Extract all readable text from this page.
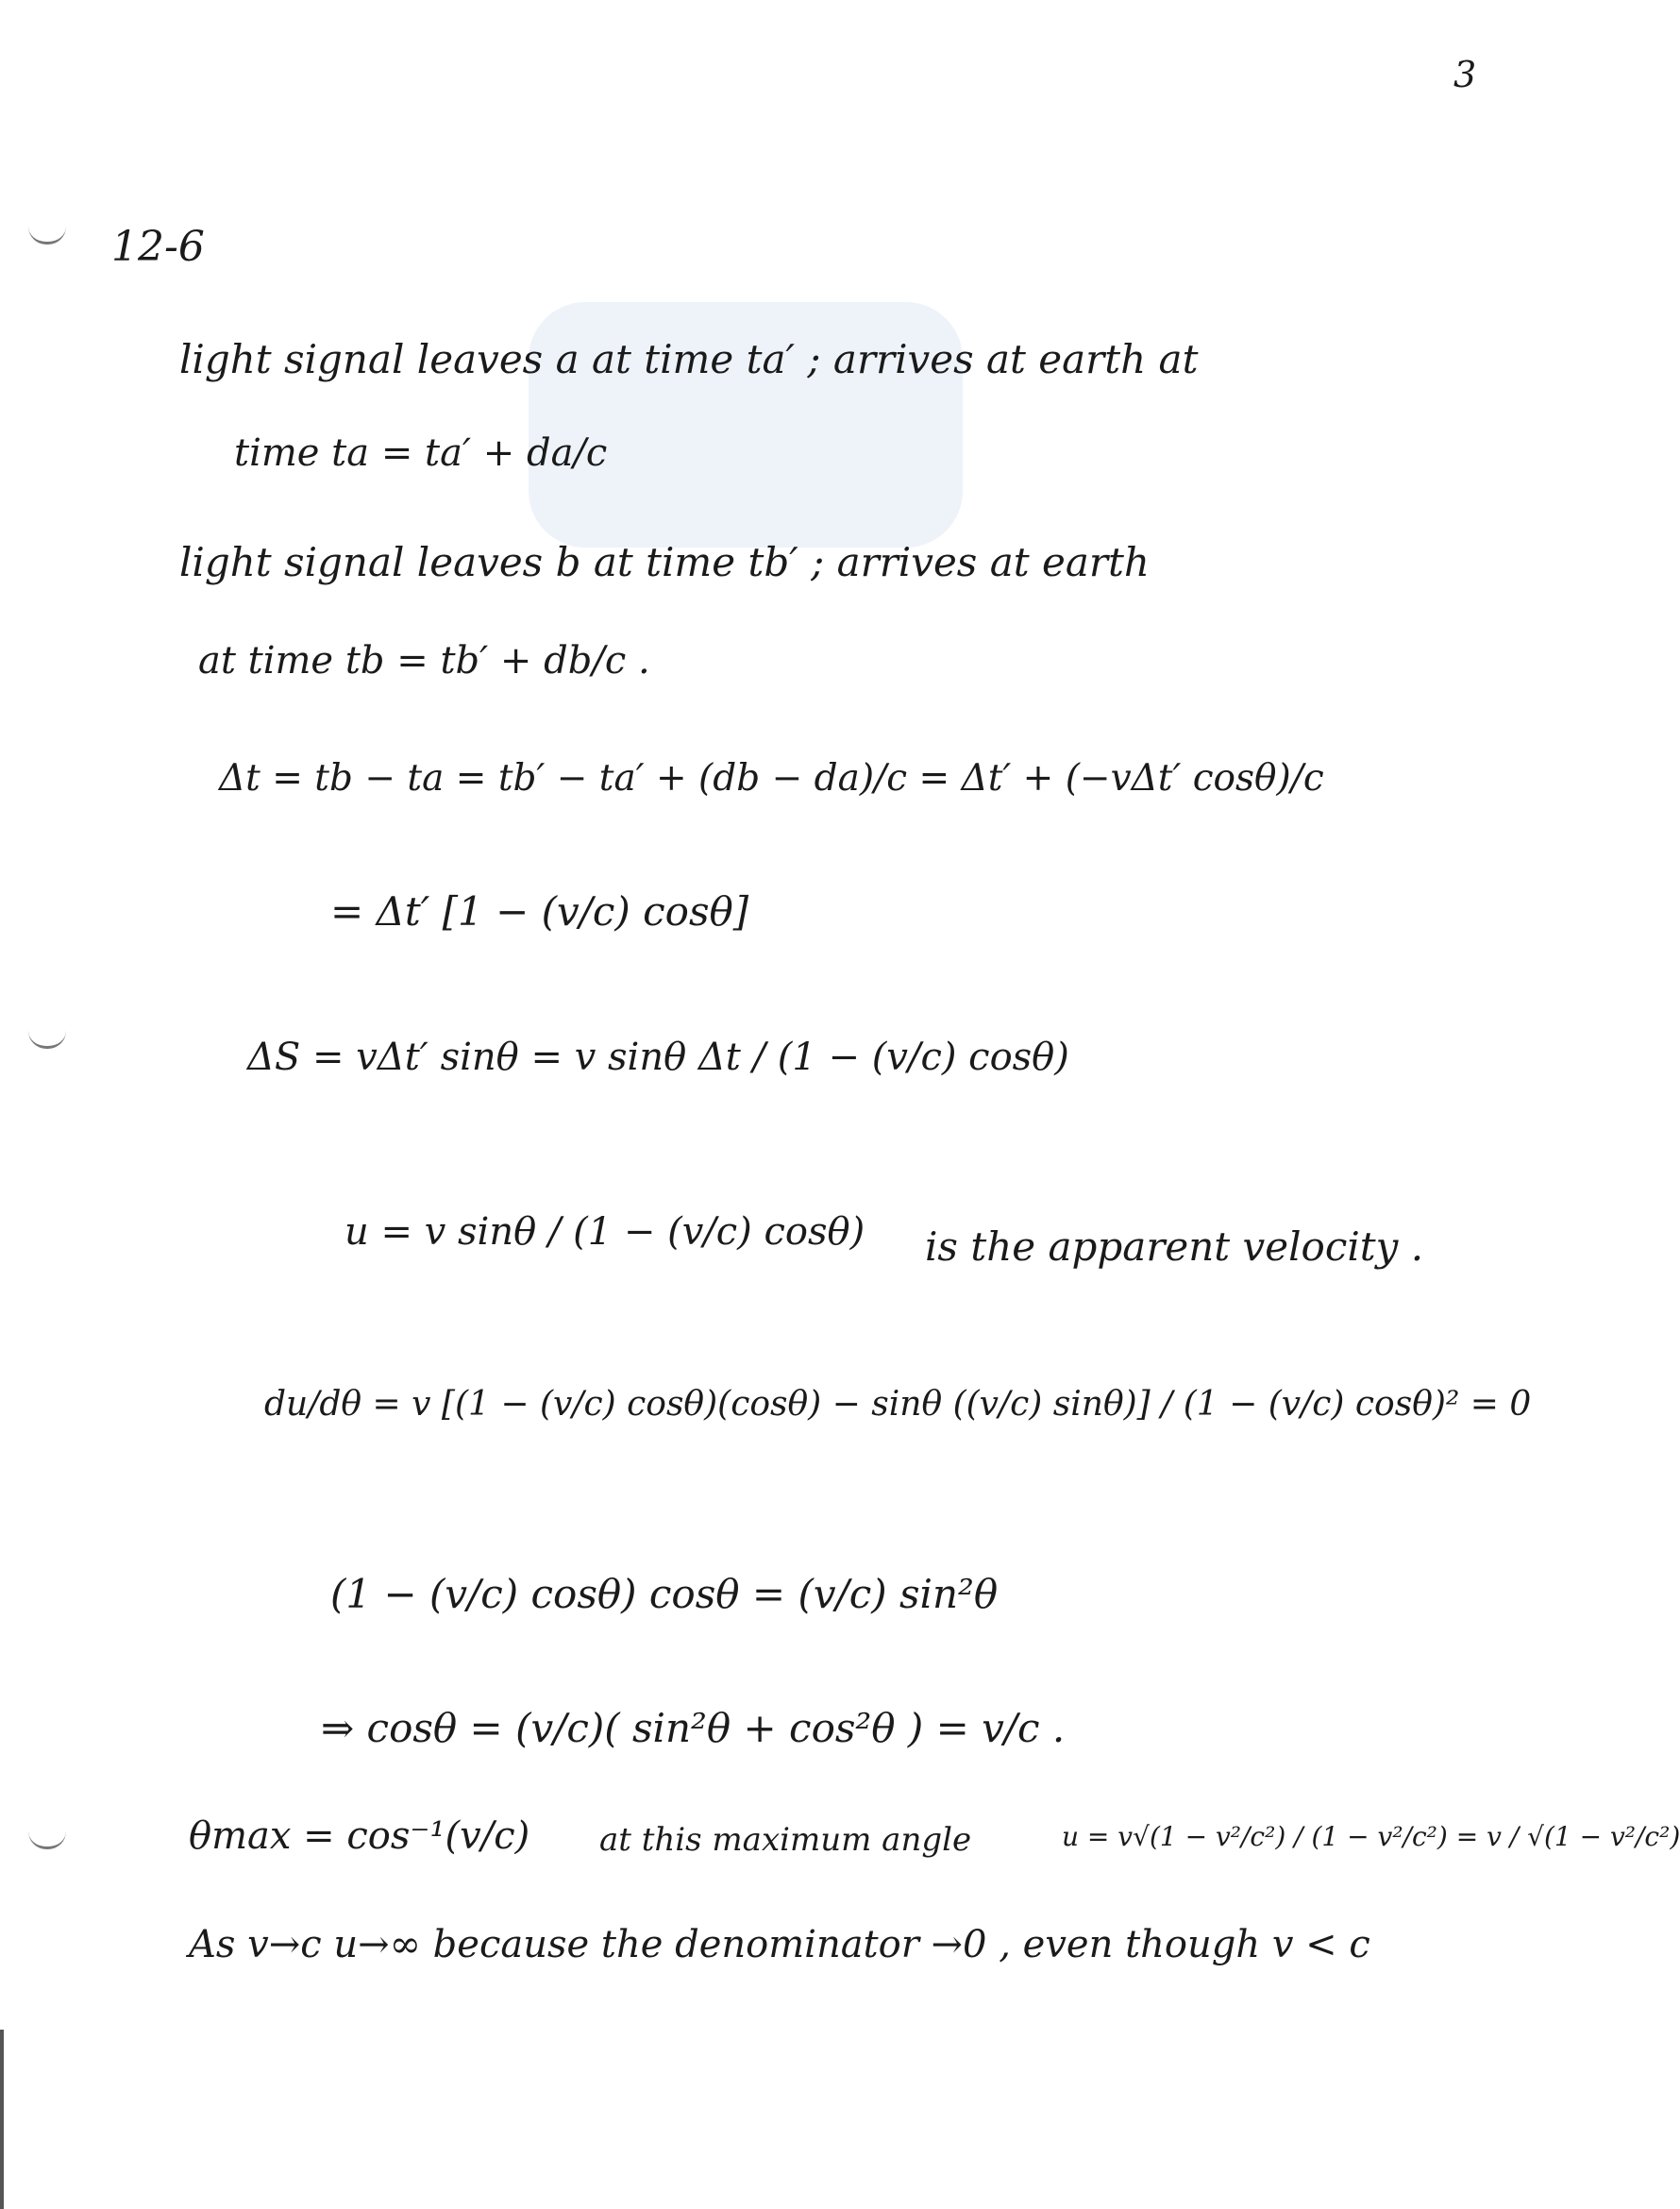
3
12-6
light signal leaves a at time ta′ ; arrives at earth at
time ta = ta′ + da/c
light signal leaves b at time tb′ ; arrives at earth
at time tb = tb′ + db/c .
Δt = tb − ta = tb′ − ta′ + (db − da)/c = Δt′ + (−vΔt′ cosθ)/c
= Δt′ [1 − (v/c) cosθ]
ΔS = vΔt′ sinθ = v sinθ Δt / (1 − (v/c) cosθ)
u = v sinθ / (1 − (v/c) cosθ) is the apparent velocity .
du/dθ = v [(1 − (v/c) cosθ)(cosθ) − sinθ ((v/c) sinθ)] / (1 − (v/c) cosθ)² = 0
(1 − (v/c) cosθ) cosθ = (v/c) sin²θ
⇒ cosθ = (v/c)( sin²θ + cos²θ ) = v/c .
θmax = cos⁻¹(v/c) at this maximum angle	u = v√(1 − v²/c²) / (1 − v²/c²) = v / √(1 − v²/c²)
As v→c u→∞ because the denominator →0 , even though v < c
